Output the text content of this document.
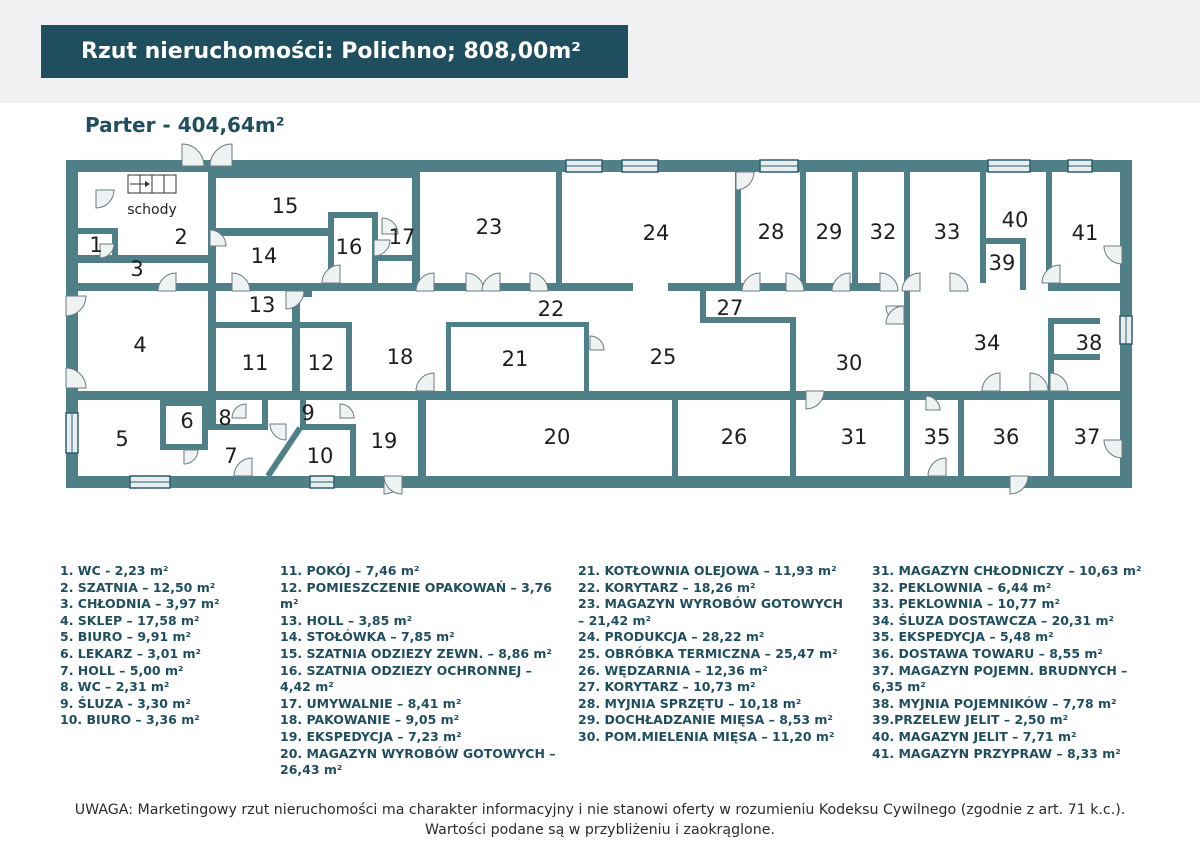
Rzut nieruchomości: Polichno; 808,00m²
Parter - 404,64m²
schody
1	2
3
4
5
6
7
8	9
10
11 12
13
14
15
16 17
18
19	20
21
22
23	24
25
26
27
28 29
30
31
32 33
34
35 36	37
38
39
40
41
1. WC - 2,23 m²
2. SZATNIA – 12,50 m²
3. CHŁODNIA – 3,97 m²
4. SKLEP – 17,58 m²
5. BIURO – 9,91 m²
6. LEKARZ – 3,01 m²
7. HOLL – 5,00 m²
8. WC – 2,31 m²
9. ŚLUZA - 3,30 m²
10. BIURO – 3,36 m²
11. POKÓJ – 7,46 m²
12. POMIESZCZENIE OPAKOWAŃ – 3,76 m²
13. HOLL – 3,85 m²
14. STOŁÓWKA – 7,85 m²
15. SZATNIA ODZIEZY ZEWN. – 8,86 m²
16. SZATNIA ODZIEZY OCHRONNEJ – 4,42 m²
17. UMYWALNIE – 8,41 m²
18. PAKOWANIE – 9,05 m²
19. EKSPEDYCJA – 7,23 m²
20. MAGAZYN WYROBÓW GOTOWYCH – 26,43 m²
21. KOTŁOWNIA OLEJOWA – 11,93 m²
22. KORYTARZ – 18,26 m²
23. MAGAZYN WYROBÓW GOTOWYCH – 21,42 m²
24. PRODUKCJA – 28,22 m²
25. OBRÓBKA TERMICZNA – 25,47 m²
26. WĘDZARNIA – 12,36 m²
27. KORYTARZ – 10,73 m²
28. MYJNIA SPRZĘTU – 10,18 m²
29. DOCHŁADZANIE MIĘSA – 8,53 m²
30. POM.MIELENIA MIĘSA – 11,20 m²
31. MAGAZYN CHŁODNICZY – 10,63 m²
32. PEKLOWNIA – 6,44 m²
33. PEKLOWNIA – 10,77 m²
34. ŚLUZA DOSTAWCZA – 20,31 m²
35. EKSPEDYCJA – 5,48 m²
36. DOSTAWA TOWARU – 8,55 m²
37. MAGAZYN POJEMN. BRUDNYCH – 6,35 m²
38. MYJNIA POJEMNIKÓW – 7,78 m²
39.PRZELEW JELIT – 2,50 m²
40. MAGAZYN JELIT – 7,71 m²
41. MAGAZYN PRZYPRAW – 8,33 m²
UWAGA: Marketingowy rzut nieruchomości ma charakter informacyjny i nie stanowi oferty w rozumieniu Kodeksu Cywilnego (zgodnie z art. 71 k.c.).
Wartości podane są w przybliżeniu i zaokrąglone.
